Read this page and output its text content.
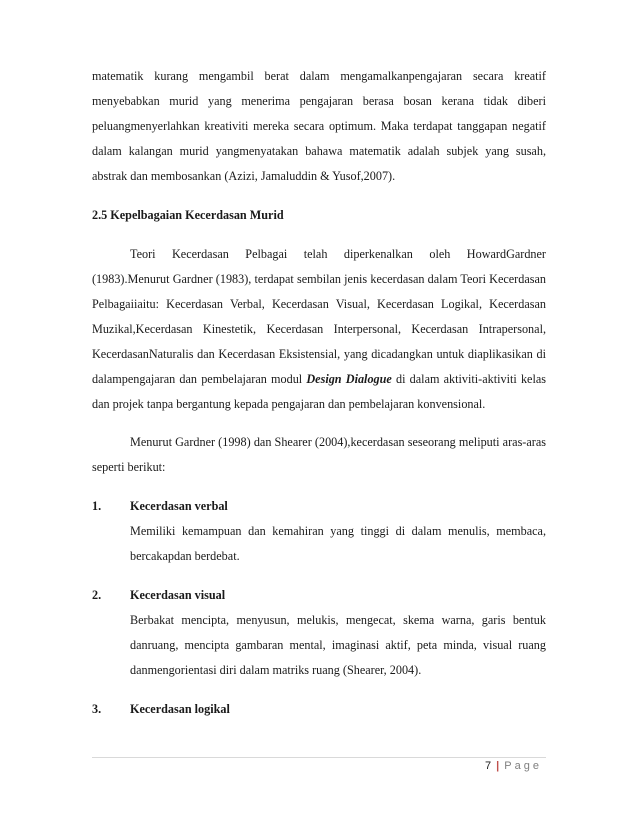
matematik kurang mengambil berat dalam mengamalkanpengajaran secara kreatif menyebabkan murid yang menerima pengajaran berasa bosan kerana tidak diberi peluangmenyerlahkan kreativiti mereka secara optimum. Maka terdapat tanggapan negatif dalam kalangan murid yangmenyatakan bahawa matematik adalah subjek yang susah, abstrak dan membosankan (Azizi, Jamaluddin & Yusof,2007).

2.5 Kepelbagaian Kecerdasan Murid

Teori Kecerdasan Pelbagai telah diperkenalkan oleh HowardGardner (1983).Menurut Gardner (1983), terdapat sembilan jenis kecerdasan dalam Teori Kecerdasan Pelbagaiiaitu: Kecerdasan Verbal, Kecerdasan Visual, Kecerdasan Logikal, Kecerdasan Muzikal,Kecerdasan Kinestetik, Kecerdasan Interpersonal, Kecerdasan Intrapersonal, KecerdasanNaturalis dan Kecerdasan Eksistensial, yang dicadangkan untuk diaplikasikan di dalampengajaran dan pembelajaran modul Design Dialogue di dalam aktiviti-aktiviti kelas dan projek tanpa bergantung kepada pengajaran dan pembelajaran konvensional.

Menurut Gardner (1998) dan Shearer (2004),kecerdasan seseorang meliputi aras-aras seperti berikut:

1.	Kecerdasan verbal

Memiliki kemampuan dan kemahiran yang tinggi di dalam menulis, membaca, bercakapdan berdebat.

2.	Kecerdasan visual

Berbakat mencipta, menyusun, melukis, mengecat, skema warna, garis bentuk danruang, mencipta gambaran mental, imaginasi aktif, peta minda, visual ruang danmengorientasi diri dalam matriks ruang (Shearer, 2004).

3.	Kecerdasan logikal
7 | Page
